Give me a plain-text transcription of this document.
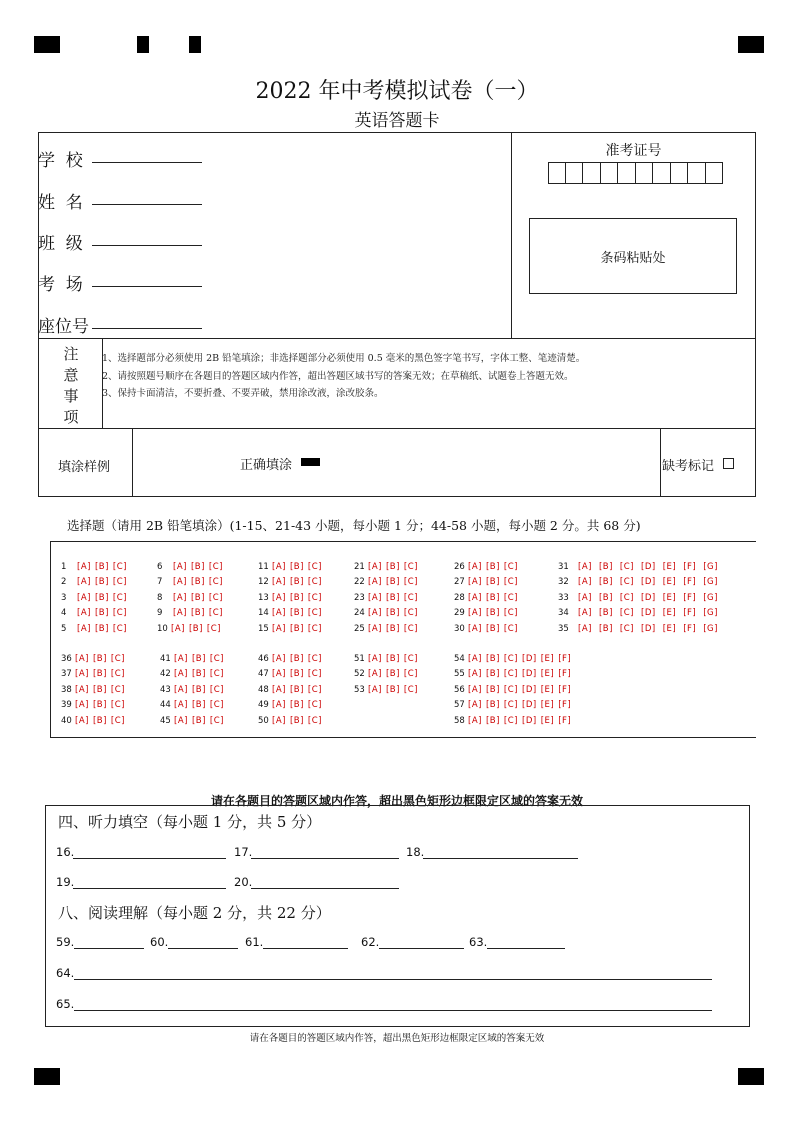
2022 年中考模拟试卷（一）
英语答题卡
学  校
姓  名
班  级
考  场
座位号
准考证号
条码粘贴处
注
意
事
项
1、选择题部分必须使用 2B 铅笔填涂；非选择题部分必须使用 0.5 毫米的黑色签字笔书写，字体工整、笔迹清楚。
2、请按照题号顺序在各题目的答题区域内作答，超出答题区域书写的答案无效；在草稿纸、试题卷上答题无效。
3、保持卡面清洁，不要折叠、不要弄破，禁用涂改液，涂改胶条。
填涂样例	正确填涂	缺考标记
选择题（请用 2B 铅笔填涂）(1-15、21-43 小题，每小题 1 分；44-58 小题，每小题 2 分。共 68 分)
1 [A] [B] [C]
2 [A] [B] [C]
3 [A] [B] [C]
4 [A] [B] [C]
5 [A] [B] [C]
6 [A] [B] [C]
7 [A] [B] [C]
8 [A] [B] [C]
9 [A] [B] [C]
10 [A] [B] [C]
11 [A] [B] [C]
12 [A] [B] [C]
13 [A] [B] [C]
14 [A] [B] [C]
15 [A] [B] [C]
21 [A] [B] [C]
22 [A] [B] [C]
23 [A] [B] [C]
24 [A] [B] [C]
25 [A] [B] [C]
26 [A] [B] [C]
27 [A] [B] [C]
28 [A] [B] [C]
29 [A] [B] [C]
30 [A] [B] [C]
31 [A] [B] [C] [D] [E] [F] [G]
32 [A] [B] [C] [D] [E] [F] [G]
33 [A] [B] [C] [D] [E] [F] [G]
34 [A] [B] [C] [D] [E] [F] [G]
35 [A] [B] [C] [D] [E] [F] [G]
36 [A] [B] [C]
37 [A] [B] [C]
38 [A] [B] [C]
39 [A] [B] [C]
40 [A] [B] [C]
41 [A] [B] [C]
42 [A] [B] [C]
43 [A] [B] [C]
44 [A] [B] [C]
45 [A] [B] [C]
46 [A] [B] [C]
47 [A] [B] [C]
48 [A] [B] [C]
49 [A] [B] [C]
50 [A] [B] [C]
51 [A] [B] [C]
52 [A] [B] [C]
53 [A] [B] [C]
54 [A] [B] [C] [D] [E] [F]
55 [A] [B] [C] [D] [E] [F]
56 [A] [B] [C] [D] [E] [F]
57 [A] [B] [C] [D] [E] [F]
58 [A] [B] [C] [D] [E] [F]
请在各题目的答题区域内作答，超出黑色矩形边框限定区域的答案无效
四、听力填空（每小题 1 分，共 5 分）
16.	17.	18.
19.	20.
八、阅读理解（每小题 2 分，共 22 分）
59.	60.	61.	62.	63.
64.
65.
请在各题目的答题区域内作答，超出黑色矩形边框限定区域的答案无效
